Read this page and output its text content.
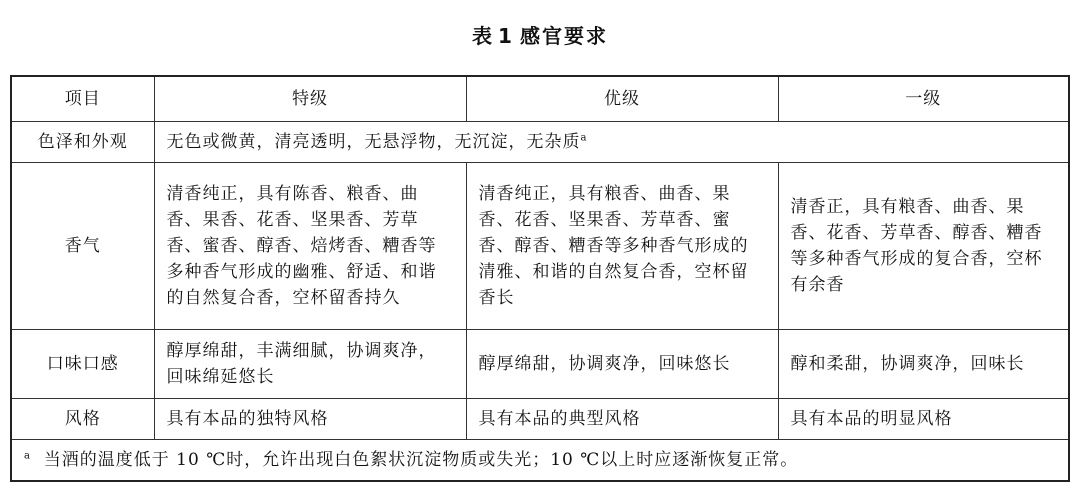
表 1 感官要求
项目	特级	优级	一级
色泽和外观	无色或微黄，清亮透明，无悬浮物，无沉淀，无杂质$^a$
香气	清香纯正，具有陈香、粮香、曲香、果香、花香、坚果香、芳草香、蜜香、醇香、焙烤香、糟香等多种香气形成的幽雅、舒适、和谐的自然复合香，空杯留香持久	清香纯正，具有粮香、曲香、果香、花香、坚果香、芳草香、蜜香、醇香、糟香等多种香气形成的清雅、和谐的自然复合香，空杯留香长	清香正，具有粮香、曲香、果香、花香、芳草香、醇香、糟香等多种香气形成的复合香，空杯有余香
口味口感	醇厚绵甜，丰满细腻，协调爽净，回味绵延悠长	醇厚绵甜，协调爽净，回味悠长	醇和柔甜，协调爽净，回味长
风格	具有本品的独特风格	具有本品的典型风格	具有本品的明显风格
$^a$ 当酒的温度低于 10 ℃时，允许出现白色絮状沉淀物质或失光；10 ℃以上时应逐渐恢复正常。			
